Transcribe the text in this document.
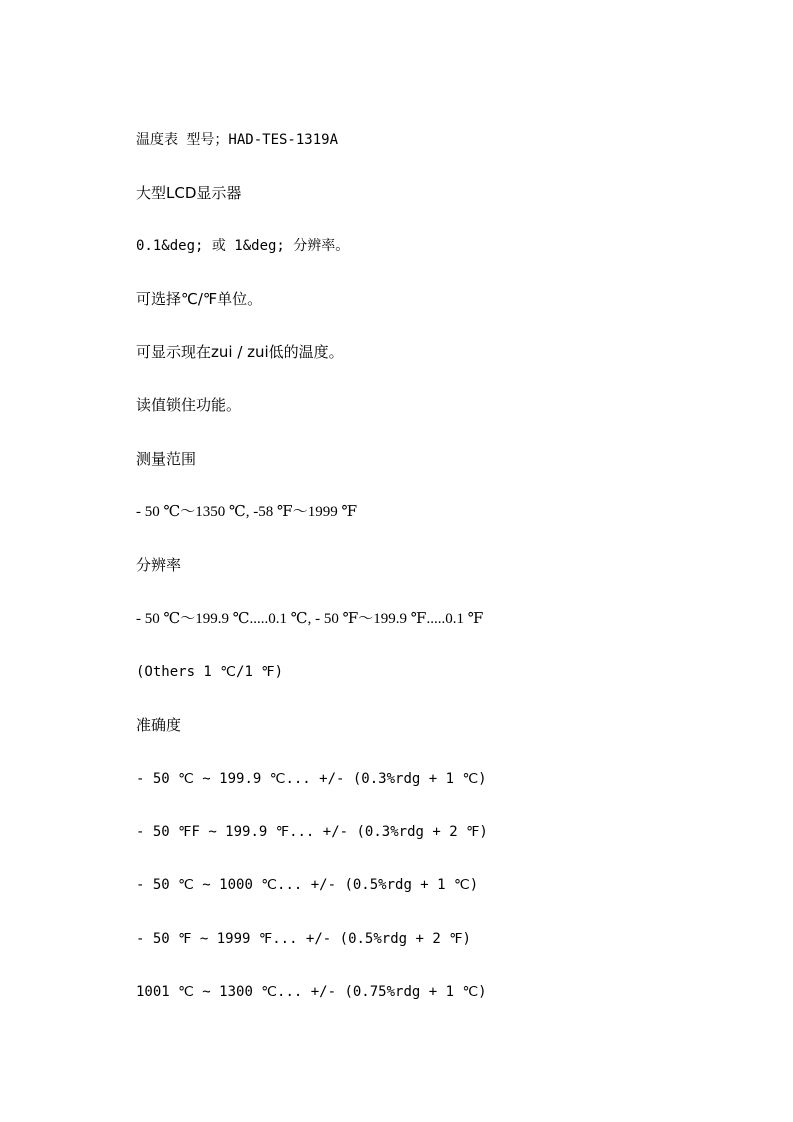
温度表 型号；HAD-TES-1319A
大型LCD显示器
0.1&deg; 或 1&deg; 分辨率。
可选择℃/℉单位。
可显示现在zui / zui低的温度。
读值锁住功能。
测量范围
- 50 ℃～1350 ℃, -58 ℉～1999 ℉
分辨率
- 50 ℃～199.9 ℃.....0.1 ℃, - 50 ℉～199.9 ℉.....0.1 ℉
(Others 1 ℃/1 ℉)
准确度
- 50 ℃ ~ 199.9 ℃... +/- (0.3%rdg + 1 ℃)
- 50 ℉F ~ 199.9 ℉... +/- (0.3%rdg + 2 ℉)
- 50 ℃ ~ 1000 ℃... +/- (0.5%rdg + 1 ℃)
- 50 ℉ ~ 1999 ℉... +/- (0.5%rdg + 2 ℉)
1001 ℃ ~ 1300 ℃... +/- (0.75%rdg + 1 ℃)
